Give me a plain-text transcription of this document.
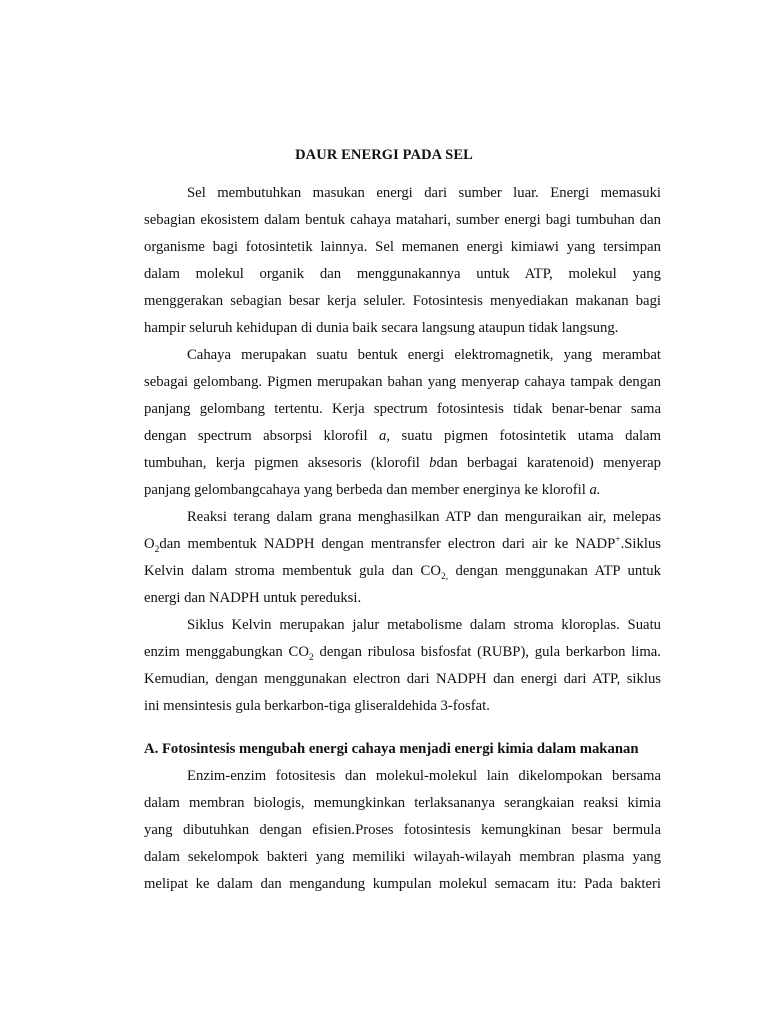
DAUR ENERGI PADA SEL
Sel membutuhkan masukan energi dari sumber luar. Energi memasuki
sebagian ekosistem dalam bentuk cahaya matahari, sumber energi bagi tumbuhan dan
organisme bagi fotosintetik lainnya. Sel memanen energi kimiawi yang tersimpan
dalam molekul organik dan menggunakannya untuk ATP, molekul yang
menggerakan sebagian besar kerja seluler. Fotosintesis menyediakan makanan bagi
hampir seluruh kehidupan di dunia baik secara langsung ataupun tidak langsung.
Cahaya merupakan suatu bentuk energi elektromagnetik, yang merambat
sebagai gelombang. Pigmen merupakan bahan yang menyerap cahaya tampak dengan
panjang gelombang tertentu. Kerja spectrum fotosintesis tidak benar-benar sama
dengan spectrum absorpsi klorofil a, suatu pigmen fotosintetik utama dalam
tumbuhan, kerja pigmen aksesoris (klorofil bdan berbagai karatenoid) menyerap
panjang gelombangcahaya yang berbeda dan member energinya ke klorofil a.
Reaksi terang dalam grana menghasilkan ATP dan menguraikan air, melepas
$O_2dan$ membentuk NADPH dengan mentransfer electron dari air ke NADP+.Siklus
Kelvin dalam stroma membentuk gula dan $CO_{2,}$ dengan menggunakan ATP untuk
energi dan NADPH untuk pereduksi.
Siklus Kelvin merupakan jalur metabolisme dalam stroma kloroplas. Suatu
enzim menggabungkan $CO_2$ dengan ribulosa bisfosfat (RUBP), gula berkarbon lima.
Kemudian, dengan menggunakan electron dari NADPH dan energi dari ATP, siklus
ini mensintesis gula berkarbon-tiga gliseraldehida 3-fosfat.
A. Fotosintesis mengubah energi cahaya menjadi energi kimia dalam makanan
Enzim-enzim fotositesis dan molekul-molekul lain dikelompokan bersama
dalam membran biologis, memungkinkan terlaksananya serangkaian reaksi kimia
yang dibutuhkan dengan efisien.Proses fotosintesis kemungkinan besar bermula
dalam sekelompok bakteri yang memiliki wilayah-wilayah membran plasma yang
melipat ke dalam dan mengandung kumpulan molekul semacam itu: Pada bakteri
